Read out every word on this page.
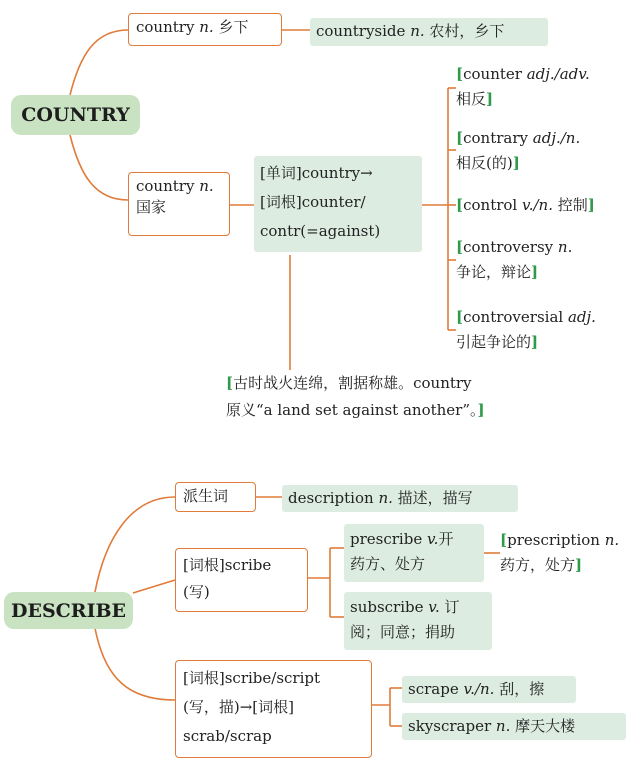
COUNTRY
country n. 乡下	countryside n. 农村，乡下
country n.
国家
[单词]country→
[词根]counter/
contr(=against)
[counter adj./adv.
相反]
[contrary adj./n.
相反(的)]
[control v./n. 控制]
[controversy n.
争论，辩论]
[controversial adj.
引起争论的]
[古时战火连绵，割据称雄。country
原义“a land set against another”。]
DESCRIBE
派生词	description n. 描述，描写
[词根]scribe
(写)
prescribe v.开
药方、处方
subscribe v. 订
阅；同意；捐助
[prescription n.
药方，处方]
[词根]scribe/script
(写，描)→[词根]
scrab/scrap
scrape v./n. 刮，擦
skyscraper n. 摩天大楼
